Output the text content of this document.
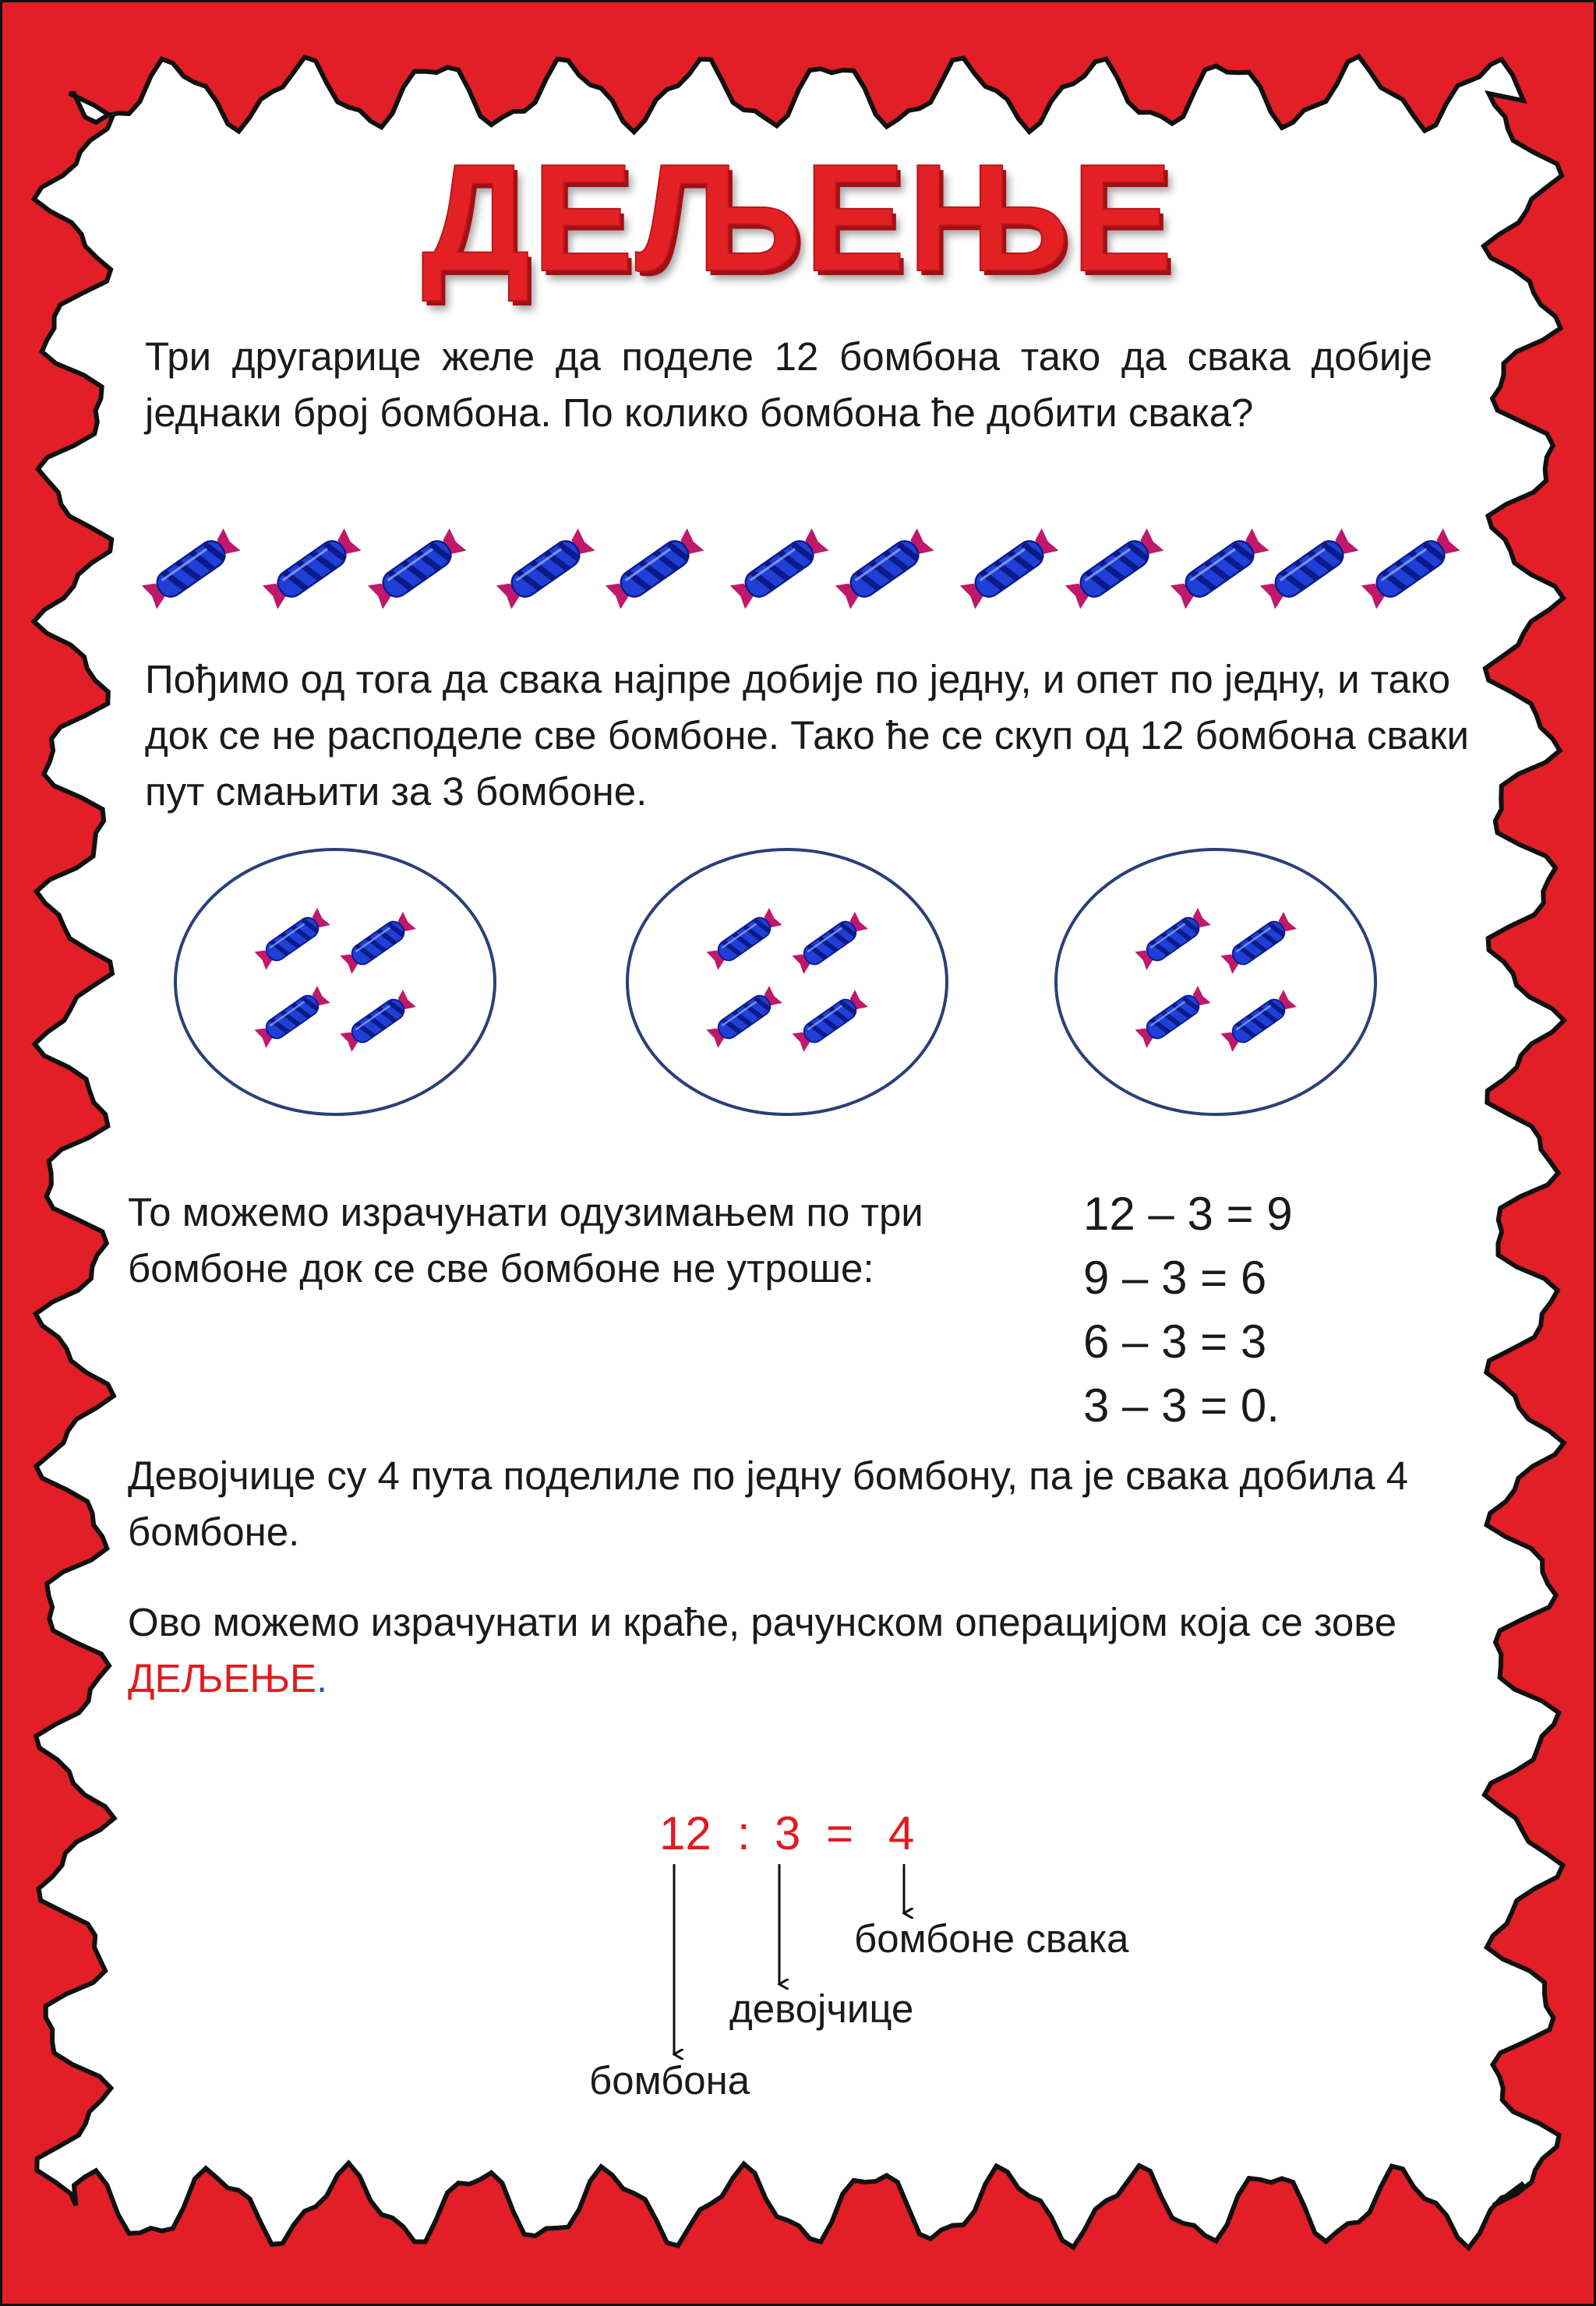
ДЕЉЕЊЕ

Три другарице желе да поделе 12 бомбона тако да свака добије једнаки број бомбона. По колико бомбона ће добити свака?

Пођимо од тога да свака најпре добије по једну, и опет по једну, и тако док се не расподеле све бомбоне. Тако ће се скуп од 12 бомбона сваки пут смањити за 3 бомбоне.

То можемо израчунати одузимањем по три бомбоне док се све бомбоне не утроше:

12 – 3 = 9
9 – 3 = 6
6 – 3 = 3
3 – 3 = 0.

Девојчице су 4 пута поделиле по једну бомбону, па је свака добила 4 бомбоне.

Ово можемо израчунати и краће, рачунском операцијом која се зове ДЕЉЕЊЕ.

12 : 3 = 4
бомбоне свака
девојчице
бомбона
